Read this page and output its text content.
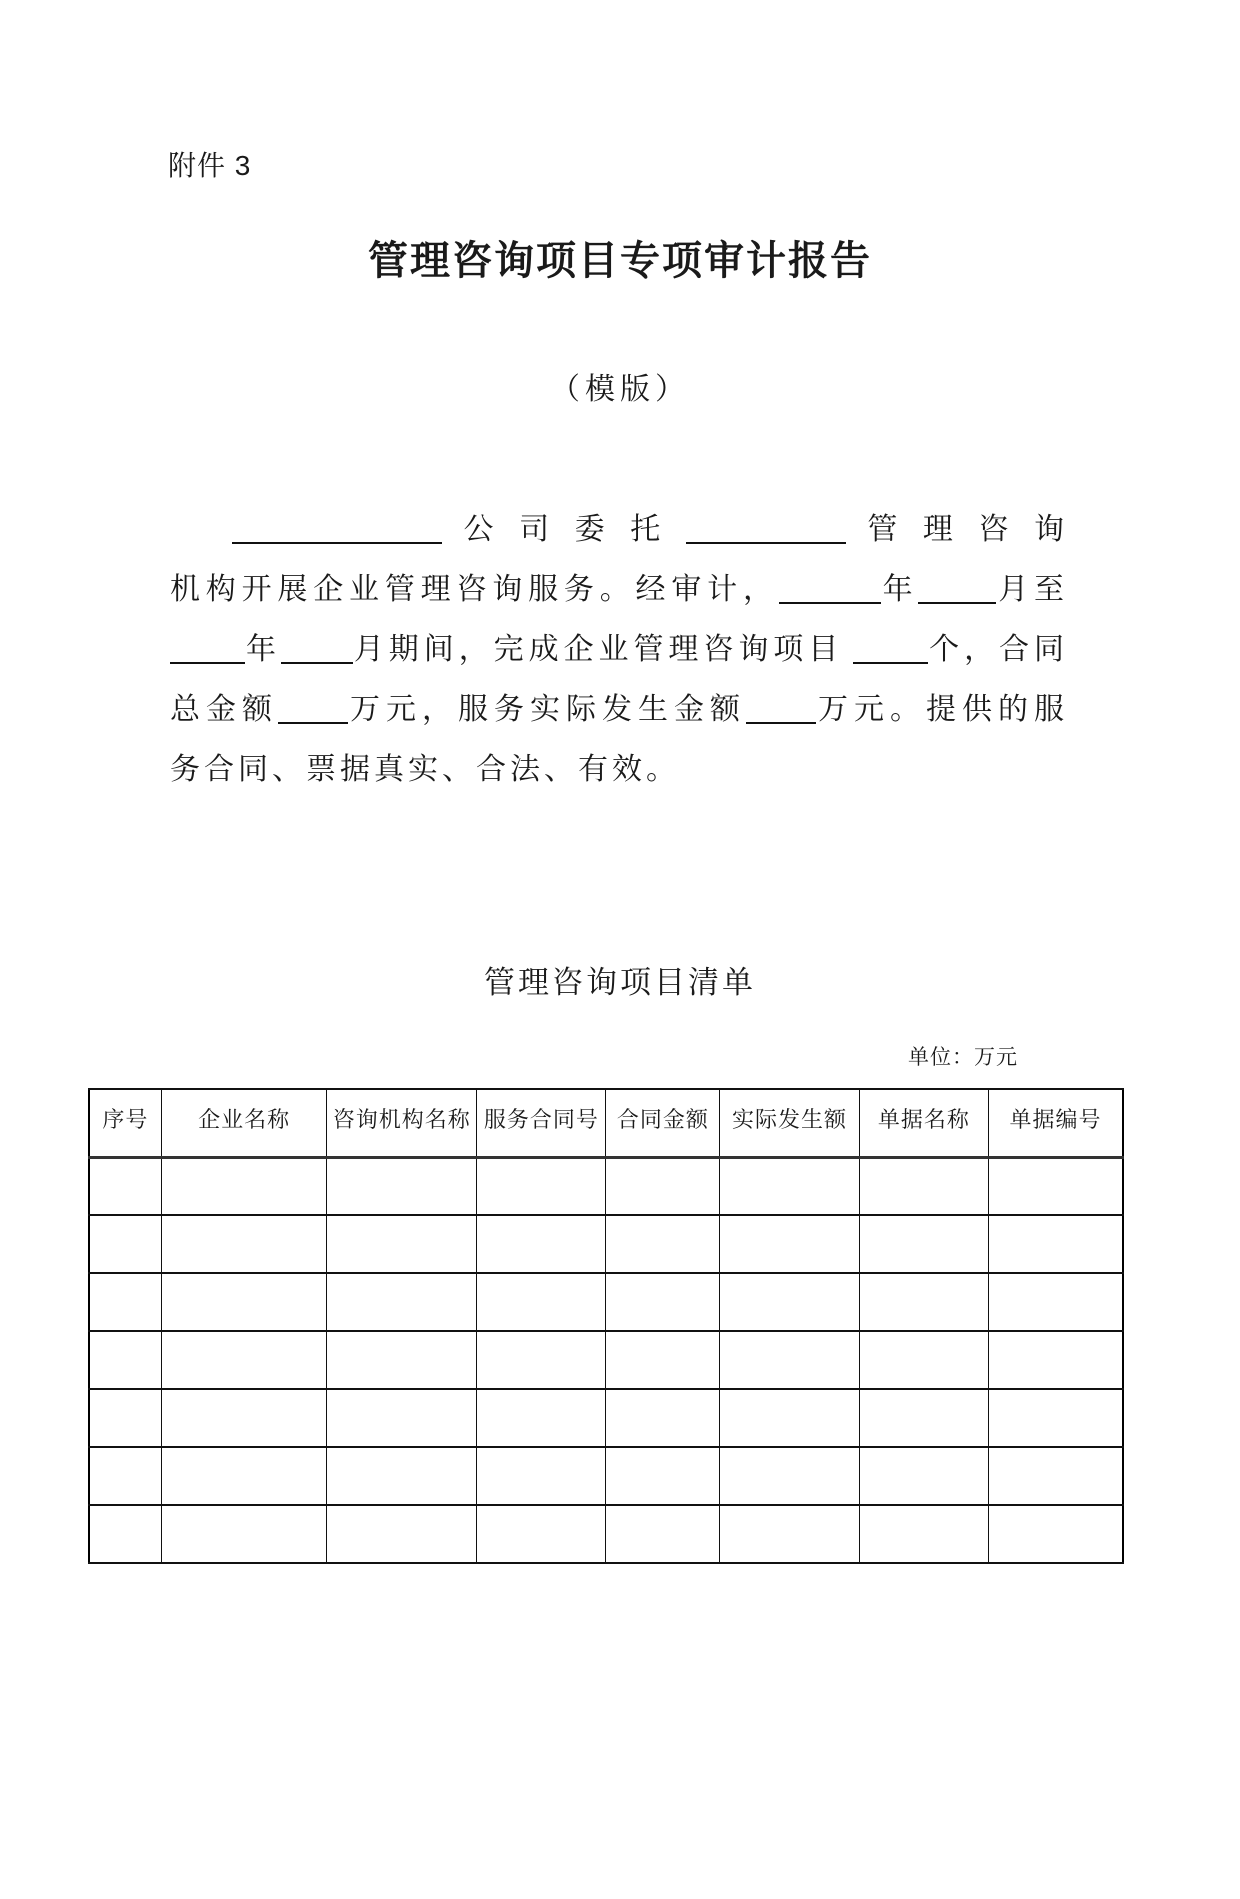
附件 3
管理咨询项目专项审计报告
（模版）
公司委托	管理咨询
机构开展企业管理咨询服务。经审计，	年	月至
年 月期间，完成企业管理咨询项目	个，合同
总金额 万元，服务实际发生金额 万元。提供的服
务合同、票据真实、合法、有效。
管理咨询项目清单
单位：万元
序号	企业名称	咨询机构名称	服务合同号	合同金额	实际发生额	单据名称	单据编号
